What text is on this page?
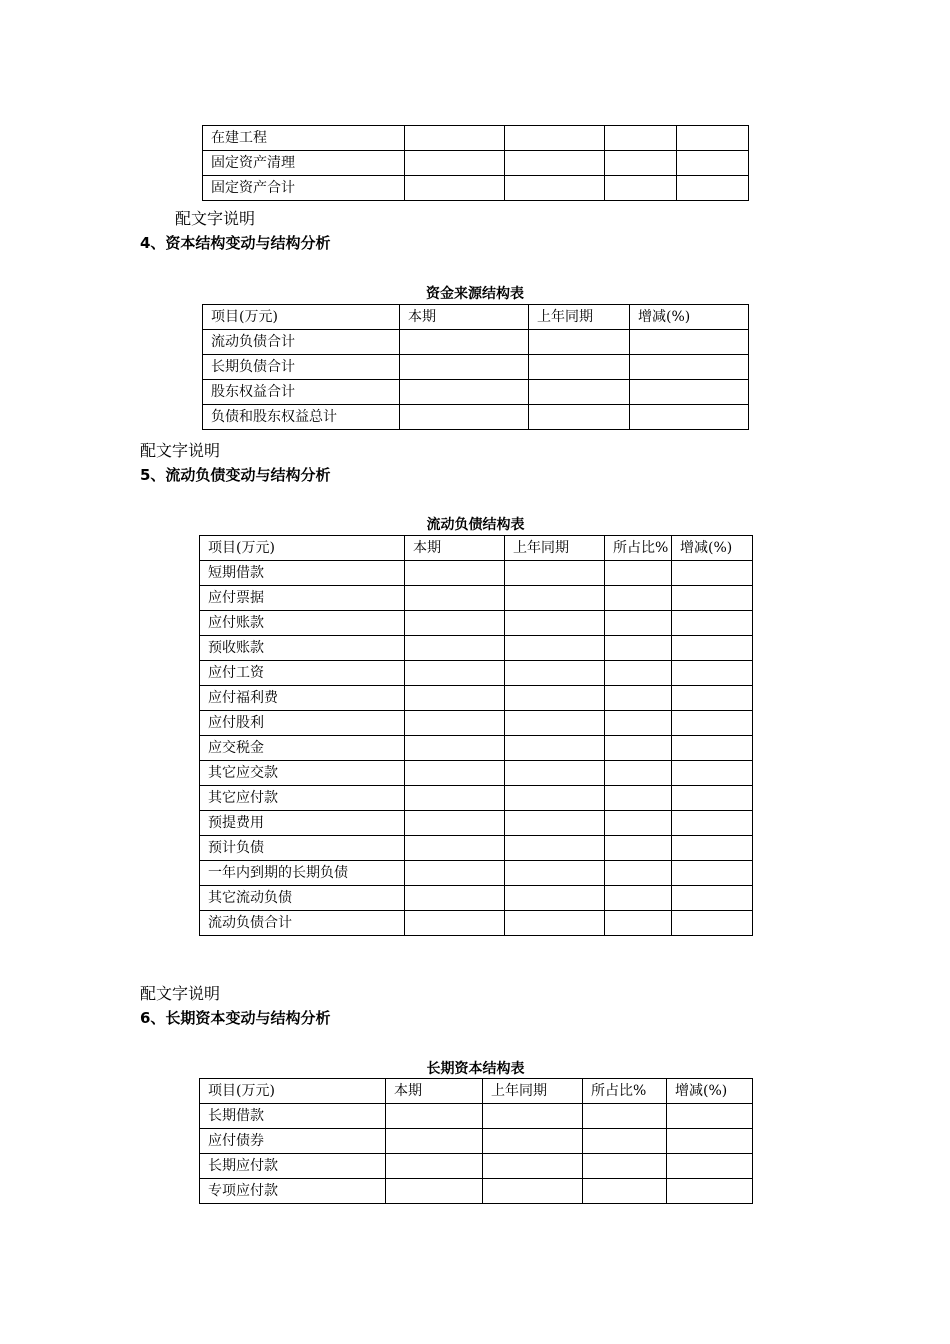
在建工程				
固定资产清理				
固定资产合计				
配文字说明
4、资本结构变动与结构分析
资金来源结构表
项目(万元)	本期	上年同期	增减(%)
流动负债合计			
长期负债合计			
股东权益合计			
负债和股东权益总计			
配文字说明
5、流动负债变动与结构分析
流动负债结构表
项目(万元)	本期	上年同期	所占比%	增减(%)
短期借款				
应付票据				
应付账款				
预收账款				
应付工资				
应付福利费				
应付股利				
应交税金				
其它应交款				
其它应付款				
预提费用				
预计负债				
一年内到期的长期负债				
其它流动负债				
流动负债合计				
配文字说明
6、长期资本变动与结构分析
长期资本结构表
项目(万元)	本期	上年同期	所占比%	增减(%)
长期借款				
应付债券				
长期应付款				
专项应付款				
